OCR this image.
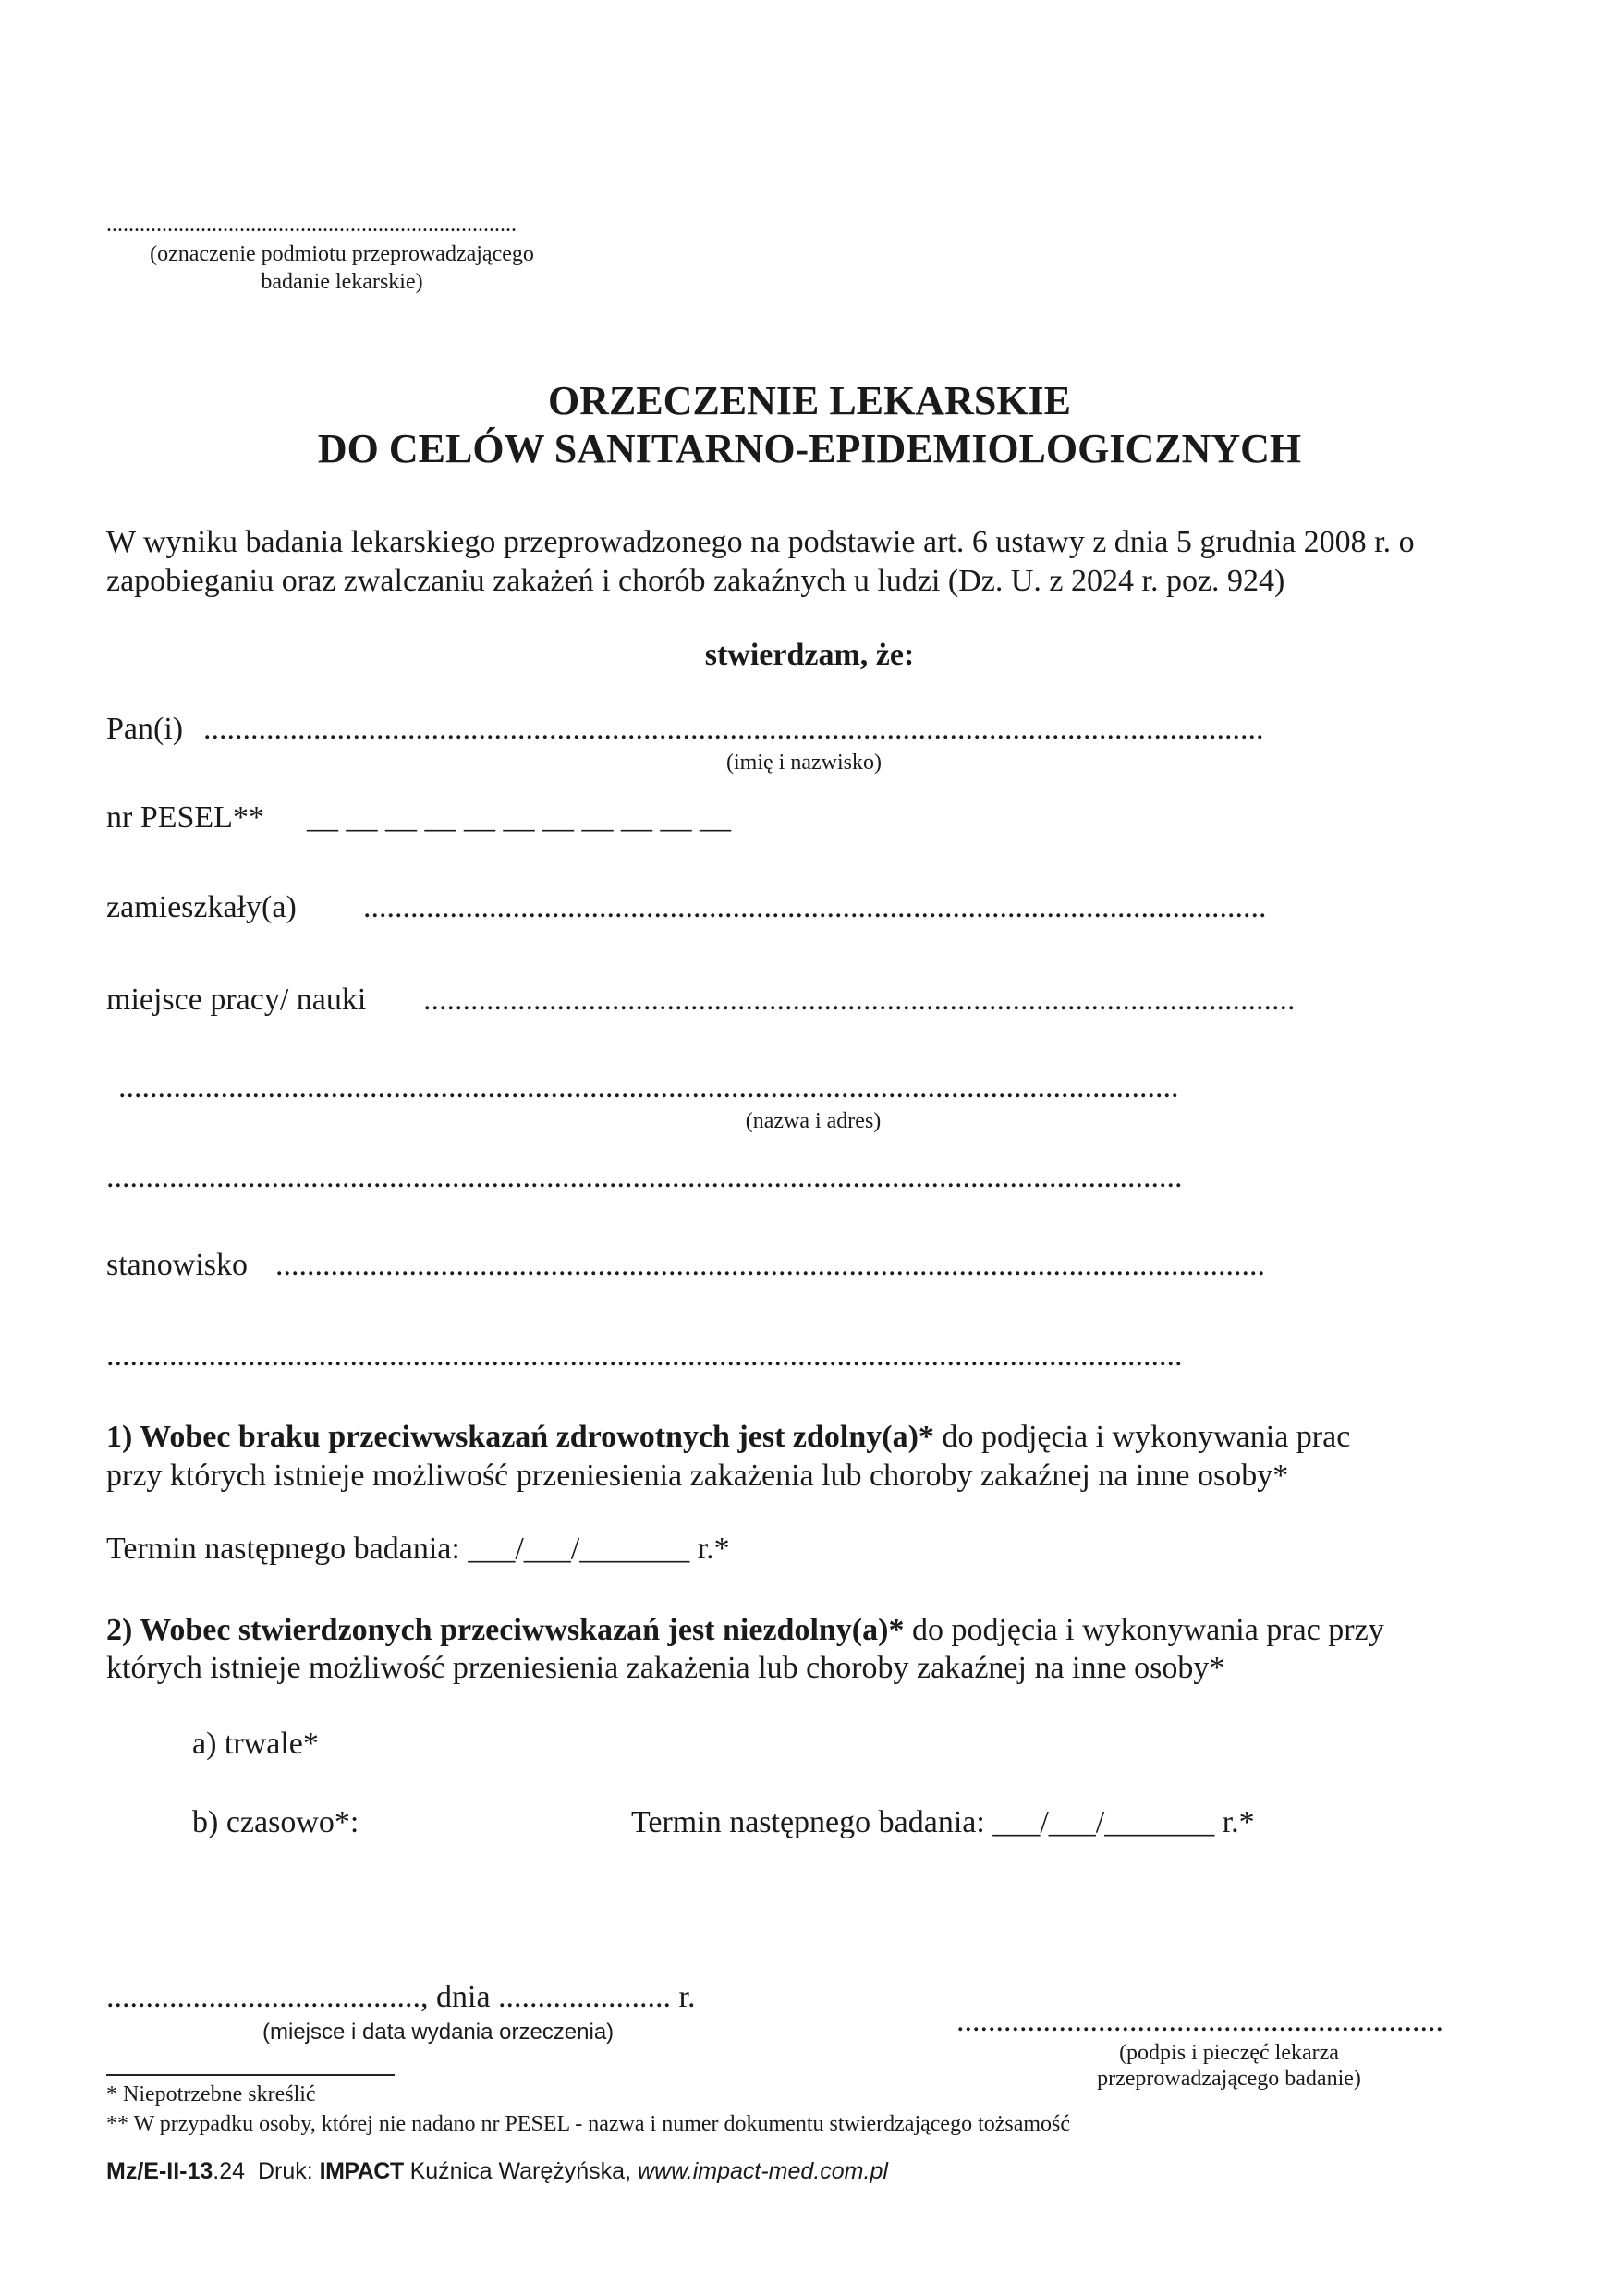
..........................................................................
(oznaczenie podmiotu przeprowadzającego
badanie lekarskie)
ORZECZENIE LEKARSKIE
DO CELÓW SANITARNO-EPIDEMIOLOGICZNYCH
W wyniku badania lekarskiego przeprowadzonego na podstawie art. 6 ustawy z dnia 5 grudnia 2008 r. o
zapobieganiu oraz zwalczaniu zakażeń i chorób zakaźnych u ludzi (Dz. U. z 2024 r. poz. 924)
stwierdzam, że:
Pan(i) .......................................................................................................................................
(imię i nazwisko)
nr PESEL** __ __ __ __ __ __ __ __ __ __ __
zamieszkały(a) ...................................................................................................................
miejsce pracy/ nauki ...............................................................................................................
.......................................................................................................................................
(nazwa i adres)
.........................................................................................................................................
stanowisko ..............................................................................................................................
.........................................................................................................................................
1) Wobec braku przeciwwskazań zdrowotnych jest zdolny(a)* do podjęcia i wykonywania prac
przy których istnieje możliwość przeniesienia zakażenia lub choroby zakaźnej na inne osoby*
Termin następnego badania: ___/___/_______ r.*
2) Wobec stwierdzonych przeciwwskazań jest niezdolny(a)* do podjęcia i wykonywania prac przy
których istnieje możliwość przeniesienia zakażenia lub choroby zakaźnej na inne osoby*
a) trwale*
b) czasowo*:	Termin następnego badania: ___/___/_______ r.*
........................................, dnia ...................... r.
(miejsce i data wydania orzeczenia)	..............................................................
(podpis i pieczęć lekarza
przeprowadzającego badanie)
* Niepotrzebne skreślić
** W przypadku osoby, której nie nadano nr PESEL - nazwa i numer dokumentu stwierdzającego tożsamość
Mz/E-II-13.24 Druk: IMPACT Kuźnica Warężyńska, www.impact-med.com.pl
